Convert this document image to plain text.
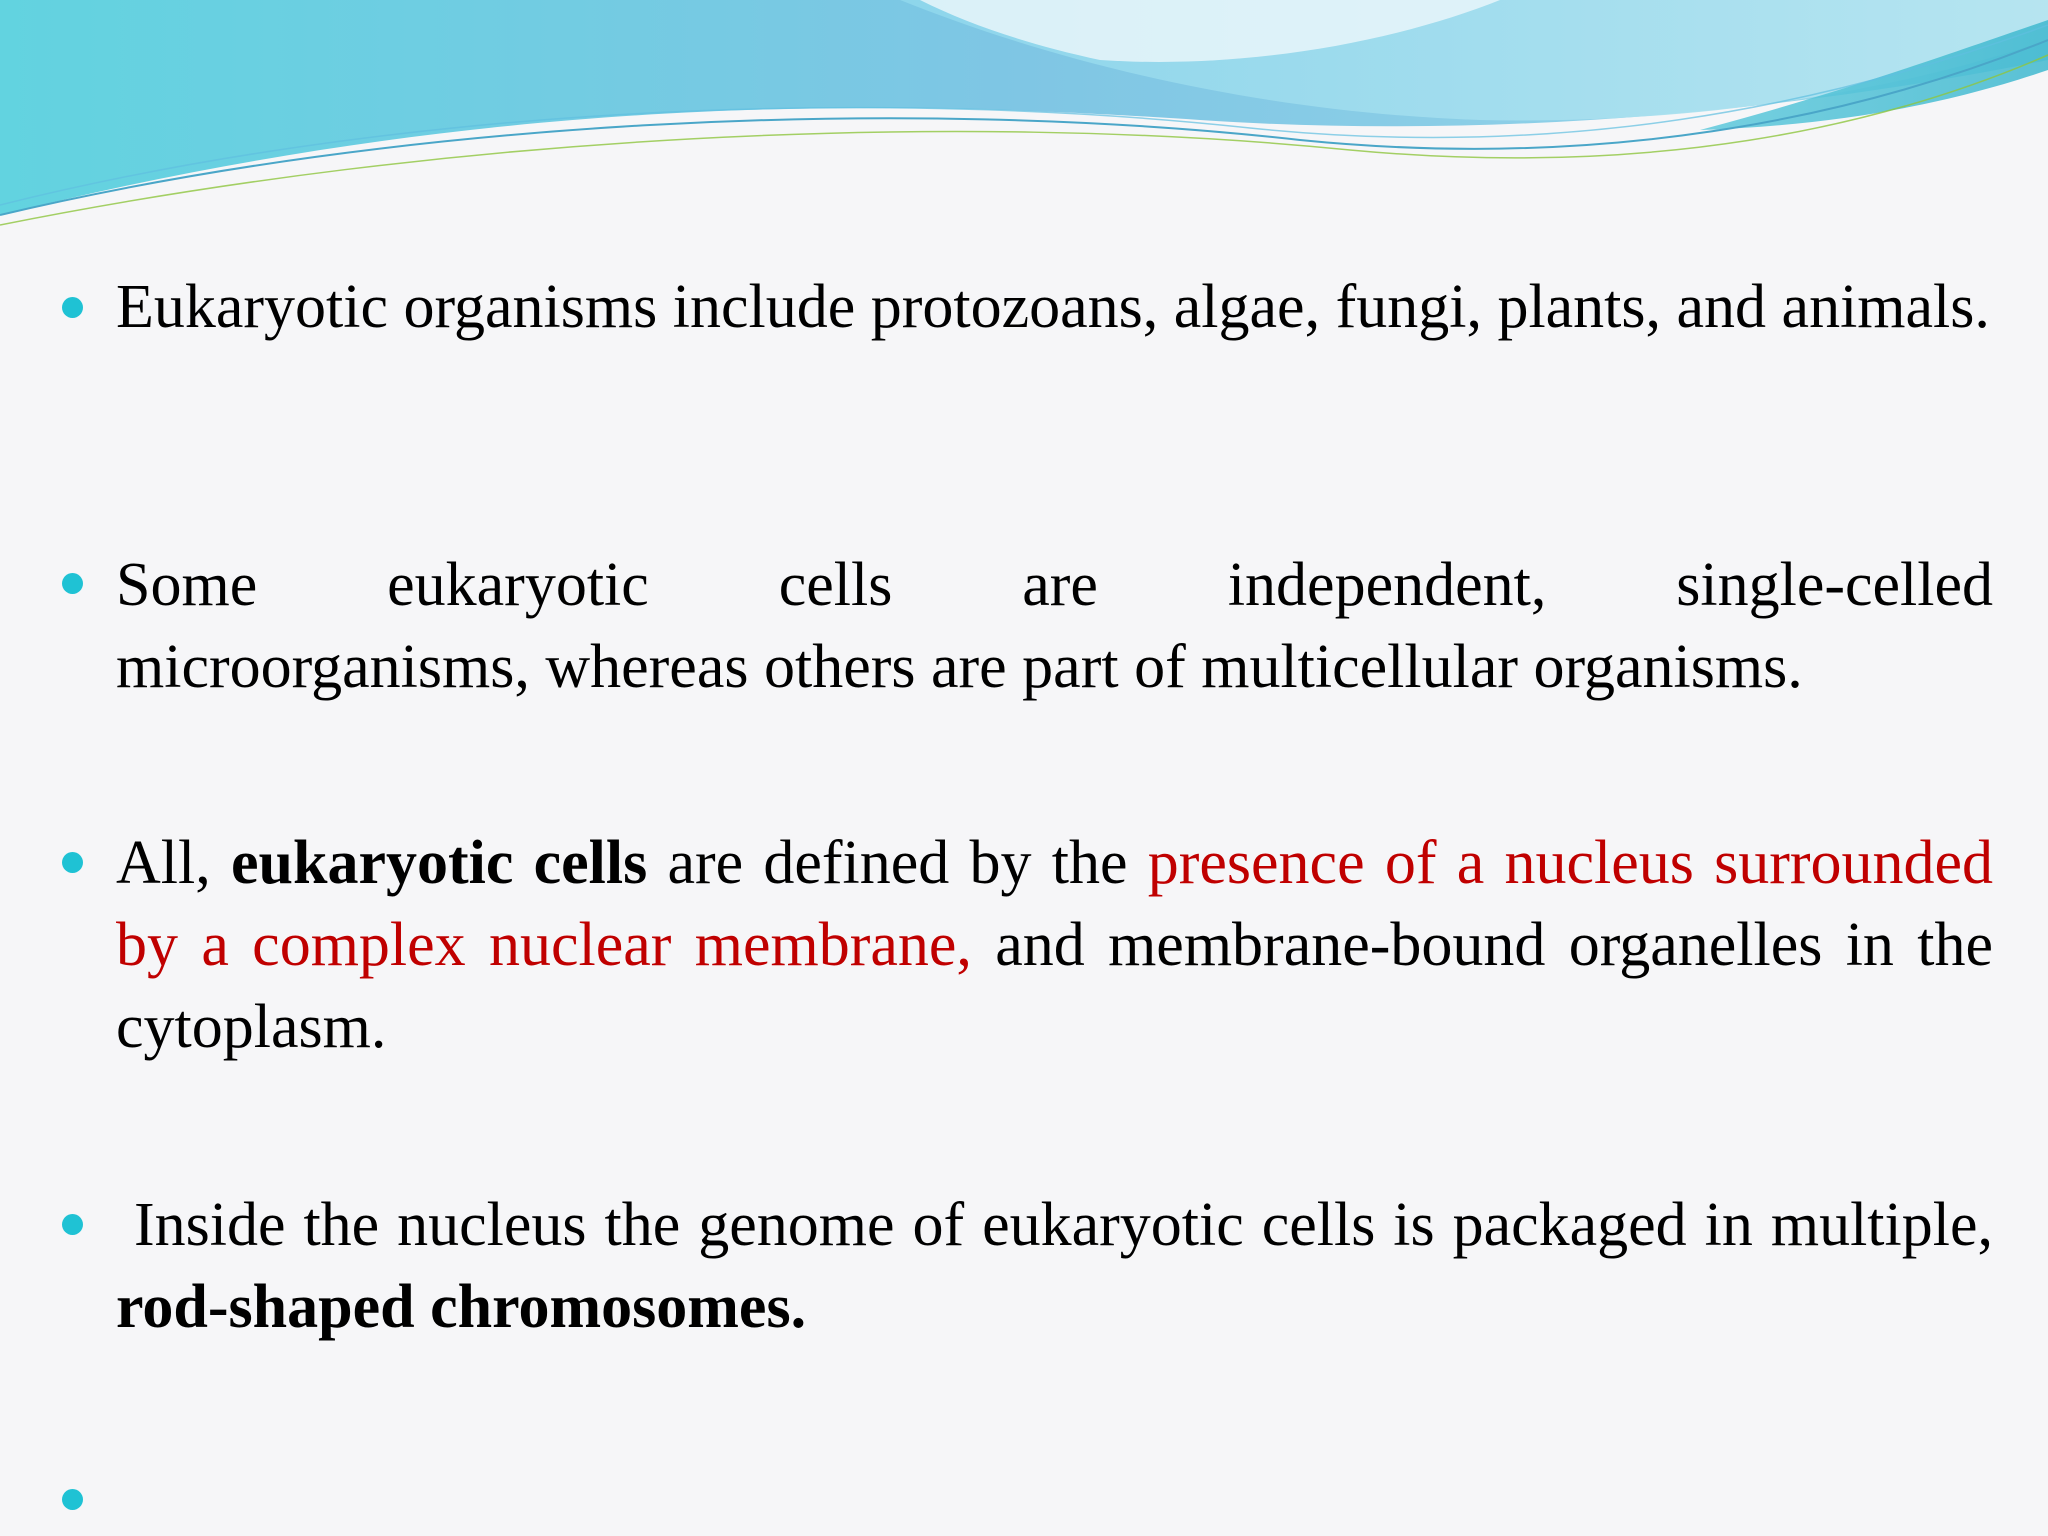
Eukaryotic organisms include protozoans, algae, fungi, plants, and animals.
Some eukaryotic cells are independent, single-celled
microorganisms, whereas others are part of multicellular organisms.
All, eukaryotic cells are defined by the presence of a nucleus surrounded by a complex nuclear membrane, and membrane-bound organelles in the cytoplasm.
Inside the nucleus the genome of eukaryotic cells is packaged in multiple, rod-shaped chromosomes.
